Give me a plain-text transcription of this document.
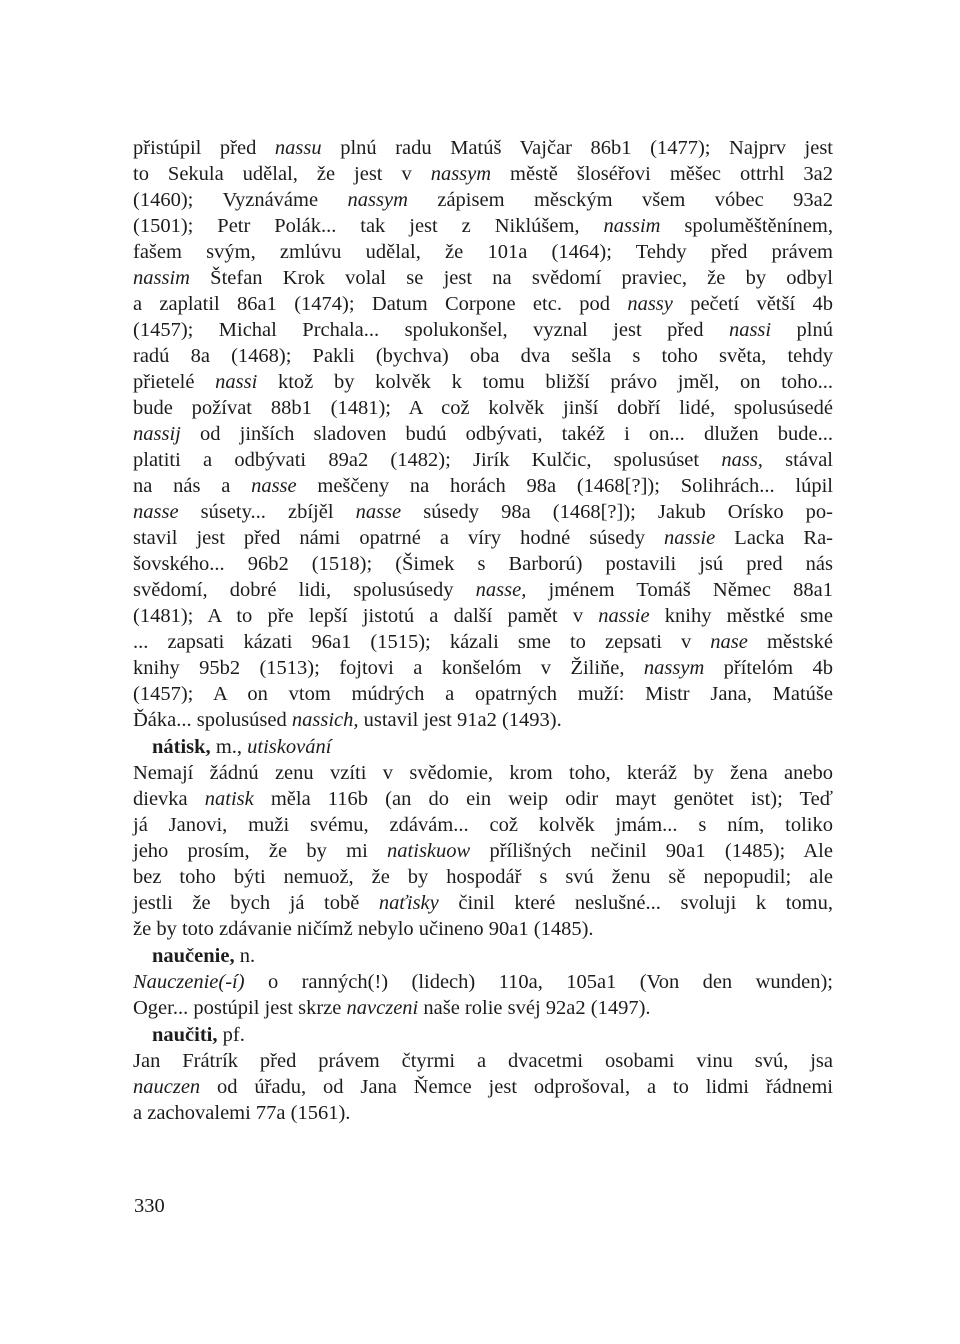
přistúpil před nassu plnú radu Matúš Vajčar 86b1 (1477); Najprv jest
to Sekula udělal, že jest v nassym městě šloséřovi měšec ottrhl 3a2
(1460); Vyznáváme nassym zápisem měsckým všem vóbec 93a2
(1501); Petr Polák... tak jest z Niklúšem, nassim spoluměštěnínem,
fašem svým, zmlúvu udělal, že 101a (1464); Tehdy před právem
nassim Štefan Krok volal se jest na svědomí praviec, že by odbyl
a zaplatil 86a1 (1474); Datum Corpone etc. pod nassy pečetí větší 4b
(1457); Michal Prchala... spolukonšel, vyznal jest před nassi plnú
radú 8a (1468); Pakli (bychva) oba dva sešla s toho světa, tehdy
přietelé nassi ktož by kolvěk k tomu bližší právo jměl, on toho...
bude požívat 88b1 (1481); A což kolvěk jinší dobří lidé, spolusúsedé
nassij od jinších sladoven budú odbývati, takéž i on... dlužen bude...
platiti a odbývati 89a2 (1482); Jirík Kulčic, spolusúset nass, stával
na nás a nasse meščeny na horách 98a (1468[?]); Solihrách... lúpil
nasse súsety... zbíjěl nasse súsedy 98a (1468[?]); Jakub Orísko po-
stavil jest před námi opatrné a víry hodné súsedy nassie Lacka Ra-
šovského... 96b2 (1518); (Šimek s Barború) postavili jsú pred nás
svědomí, dobré lidi, spolusúsedy nasse, jménem Tomáš Němec 88a1
(1481); A to pře lepší jistotú a další pamět v nassie knihy městké sme
... zapsati kázati 96a1 (1515); kázali sme to zepsati v nase městské
knihy 95b2 (1513); fojtovi a konšelóm v Žiliňe, nassym přítelóm 4b
(1457); A on vtom múdrých a opatrných muží: Mistr Jana, Matúše
Ďáka... spolusúsed nassich, ustavil jest 91a2 (1493).
nátisk, m., utiskování
Nemají žádnú zenu vzíti v svědomie, krom toho, kteráž by žena anebo
dievka natisk měla 116b (an do ein weip odir mayt genötet ist); Teď
já Janovi, muži svému, zdávám... což kolvěk jmám... s ním, toliko
jeho prosím, že by mi natiskuow přílišných nečinil 90a1 (1485); Ale
bez toho býti nemuož, že by hospodář s svú ženu sě nepopudil; ale
jestli že bych já tobě naťisky činil které neslušné... svoluji k tomu,
že by toto zdávanie ničímž nebylo učineno 90a1 (1485).
naučenie, n.
Nauczenie(-í) o ranných(!) (lidech) 110a, 105a1 (Von den wunden);
Oger... postúpil jest skrze navczeni naše rolie svéj 92a2 (1497).
naučiti, pf.
Jan Frátrík před právem čtyrmi a dvacetmi osobami vinu svú, jsa
nauczen od úřadu, od Jana Ňemce jest odprošoval, a to lidmi řádnemi
a zachovalemi 77a (1561).
330
